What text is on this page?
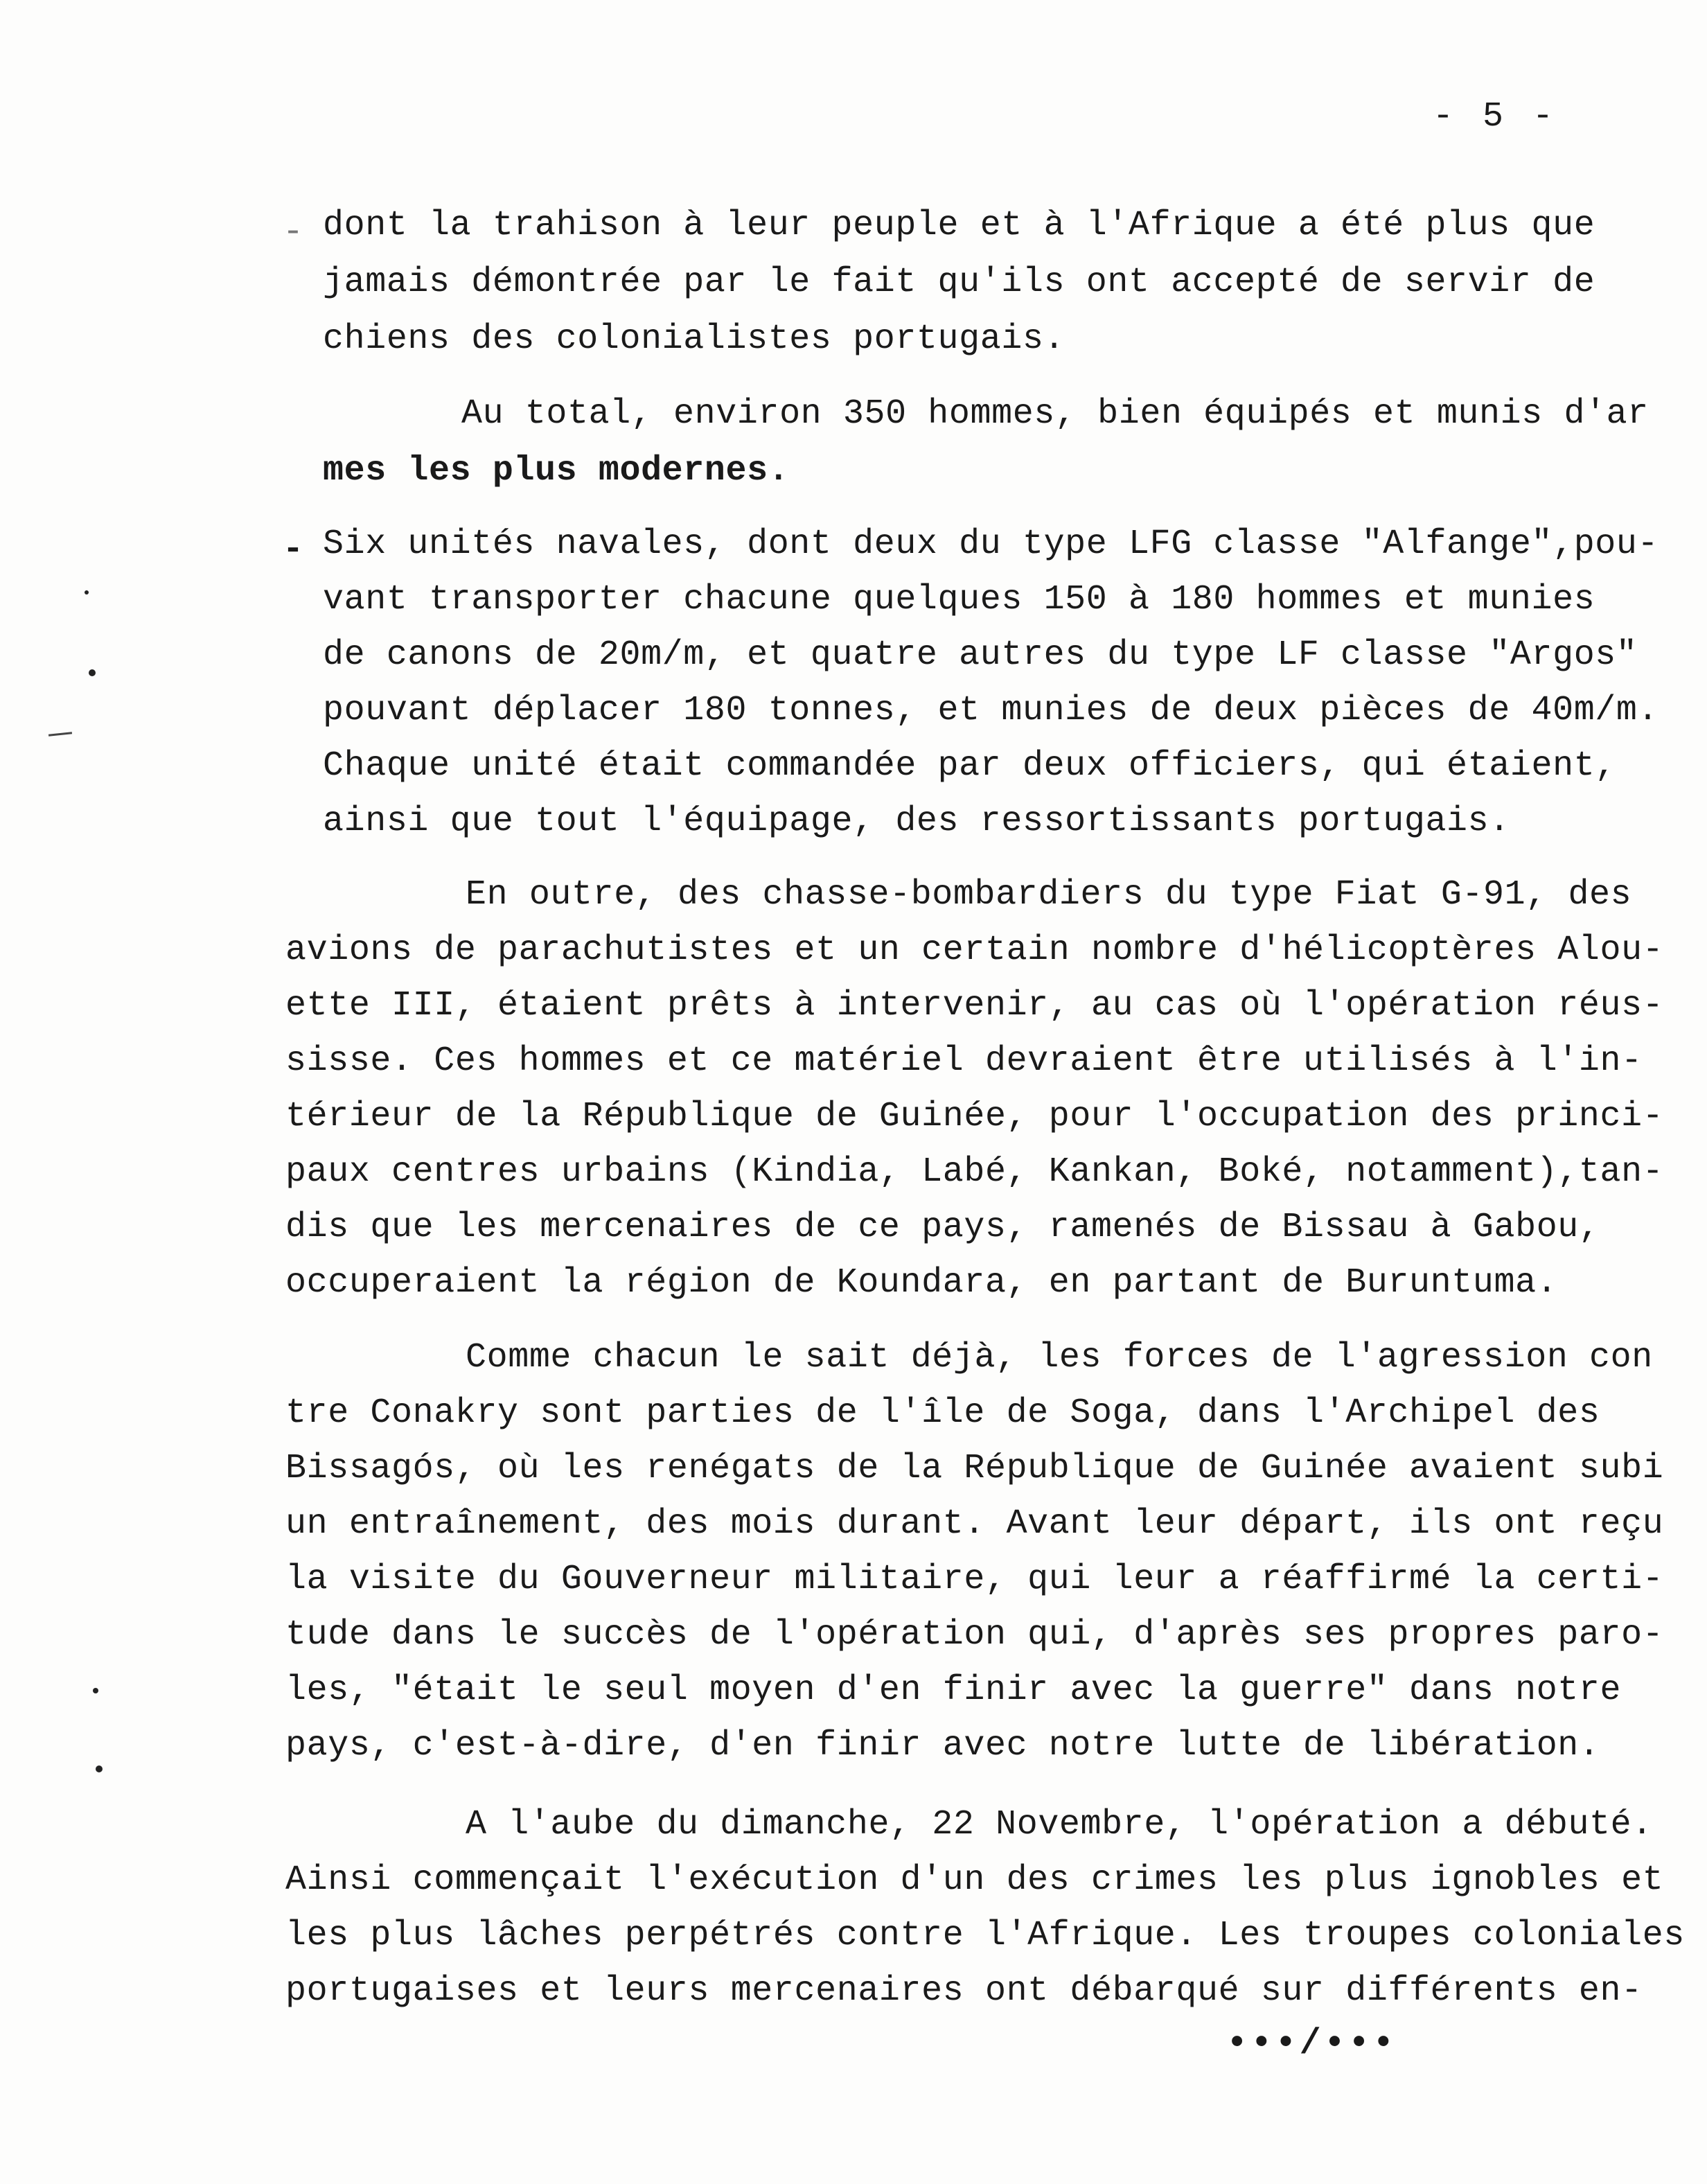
- 5 -
- dont la trahison à leur peuple et à l'Afrique a été plus que
jamais démontrée par le fait qu'ils ont accepté de servir de
chiens des colonialistes portugais.
Au total, environ 350 hommes, bien équipés et munis d'ar
mes les plus modernes.
- Six unités navales, dont deux du type LFG classe "Alfange",pou-
vant transporter chacune quelques 150 à 180 hommes et munies
de canons de 20m/m, et quatre autres du type LF classe "Argos"
pouvant déplacer 180 tonnes, et munies de deux pièces de 40m/m.
Chaque unité était commandée par deux officiers, qui étaient,
ainsi que tout l'équipage, des ressortissants portugais.
En outre, des chasse-bombardiers du type Fiat G-91, des
avions de parachutistes et un certain nombre d'hélicoptères Alou-
ette III, étaient prêts à intervenir, au cas où l'opération réus-
sisse. Ces hommes et ce matériel devraient être utilisés à l'in-
térieur de la République de Guinée, pour l'occupation des princi-
paux centres urbains (Kindia, Labé, Kankan, Boké, notamment),tan-
dis que les mercenaires de ce pays, ramenés de Bissau à Gabou,
occuperaient la région de Koundara, en partant de Buruntuma.
Comme chacun le sait déjà, les forces de l'agression con
tre Conakry sont parties de l'île de Soga, dans l'Archipel des
Bissagós, où les renégats de la République de Guinée avaient subi
un entraînement, des mois durant. Avant leur départ, ils ont reçu
la visite du Gouverneur militaire, qui leur a réaffirmé la certi-
tude dans le succès de l'opération qui, d'après ses propres paro-
les, "était le seul moyen d'en finir avec la guerre" dans notre
pays, c'est-à-dire, d'en finir avec notre lutte de libération.
A l'aube du dimanche, 22 Novembre, l'opération a débuté.
Ainsi commençait l'exécution d'un des crimes les plus ignobles et
les plus lâches perpétrés contre l'Afrique. Les troupes coloniales
portugaises et leurs mercenaires ont débarqué sur différents en-
•••/•••
